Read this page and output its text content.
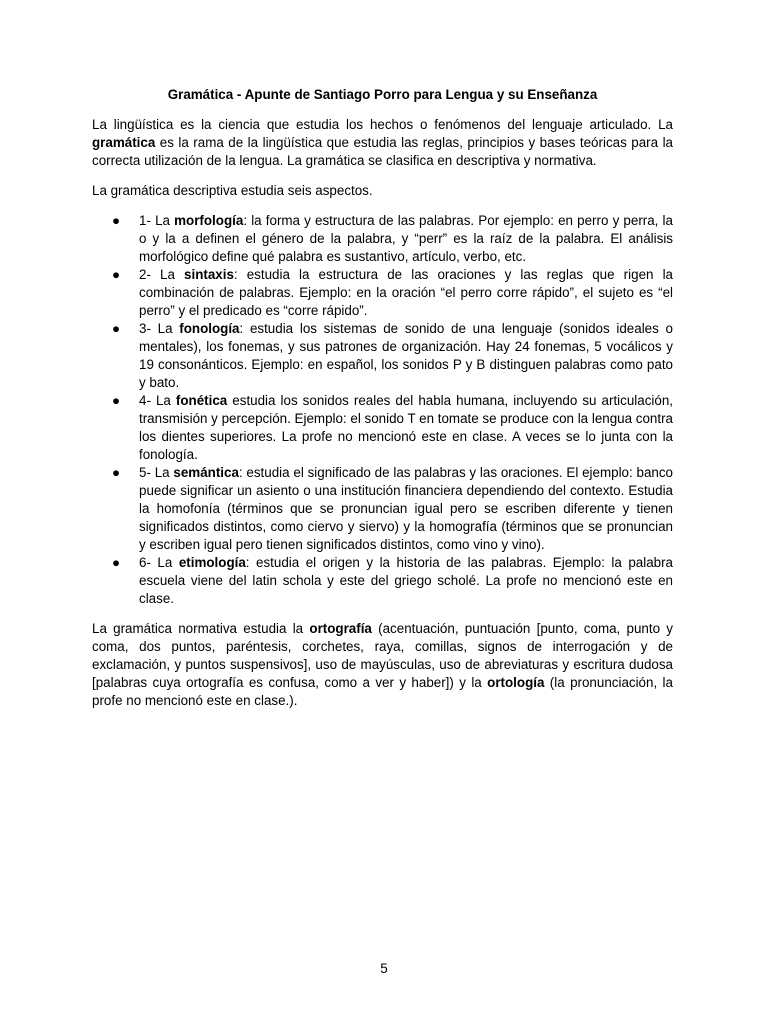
Gramática - Apunte de Santiago Porro para Lengua y su Enseñanza

La lingüística es la ciencia que estudia los hechos o fenómenos del lenguaje articulado. La gramática es la rama de la lingüística que estudia las reglas, principios y bases teóricas para la correcta utilización de la lengua. La gramática se clasifica en descriptiva y normativa.

La gramática descriptiva estudia seis aspectos.

● 1- La morfología: la forma y estructura de las palabras. Por ejemplo: en perro y perra, la o y la a definen el género de la palabra, y “perr” es la raíz de la palabra. El análisis morfológico define qué palabra es sustantivo, artículo, verbo, etc.
● 2- La sintaxis: estudia la estructura de las oraciones y las reglas que rigen la combinación de palabras. Ejemplo: en la oración “el perro corre rápido”, el sujeto es “el perro” y el predicado es “corre rápido”.
● 3- La fonología: estudia los sistemas de sonido de una lenguaje (sonidos ideales o mentales), los fonemas, y sus patrones de organización. Hay 24 fonemas, 5 vocálicos y 19 consonánticos. Ejemplo: en español, los sonidos P y B distinguen palabras como pato y bato.
● 4- La fonética estudia los sonidos reales del habla humana, incluyendo su articulación, transmisión y percepción. Ejemplo: el sonido T en tomate se produce con la lengua contra los dientes superiores. La profe no mencionó este en clase. A veces se lo junta con la fonología.
● 5- La semántica: estudia el significado de las palabras y las oraciones. El ejemplo: banco puede significar un asiento o una institución financiera dependiendo del contexto. Estudia la homofonía (términos que se pronuncian igual pero se escriben diferente y tienen significados distintos, como ciervo y siervo) y la homografía (términos que se pronuncian y escriben igual pero tienen significados distintos, como vino y vino).
● 6- La etimología: estudia el origen y la historia de las palabras. Ejemplo: la palabra escuela viene del latin schola y este del griego scholé. La profe no mencionó este en clase.

La gramática normativa estudia la ortografía (acentuación, puntuación [punto, coma, punto y coma, dos puntos, paréntesis, corchetes, raya, comillas, signos de interrogación y de exclamación, y puntos suspensivos], uso de mayúsculas, uso de abreviaturas y escritura dudosa [palabras cuya ortografía es confusa, como a ver y haber]) y la ortología (la pronunciación, la profe no mencionó este en clase.).

5
